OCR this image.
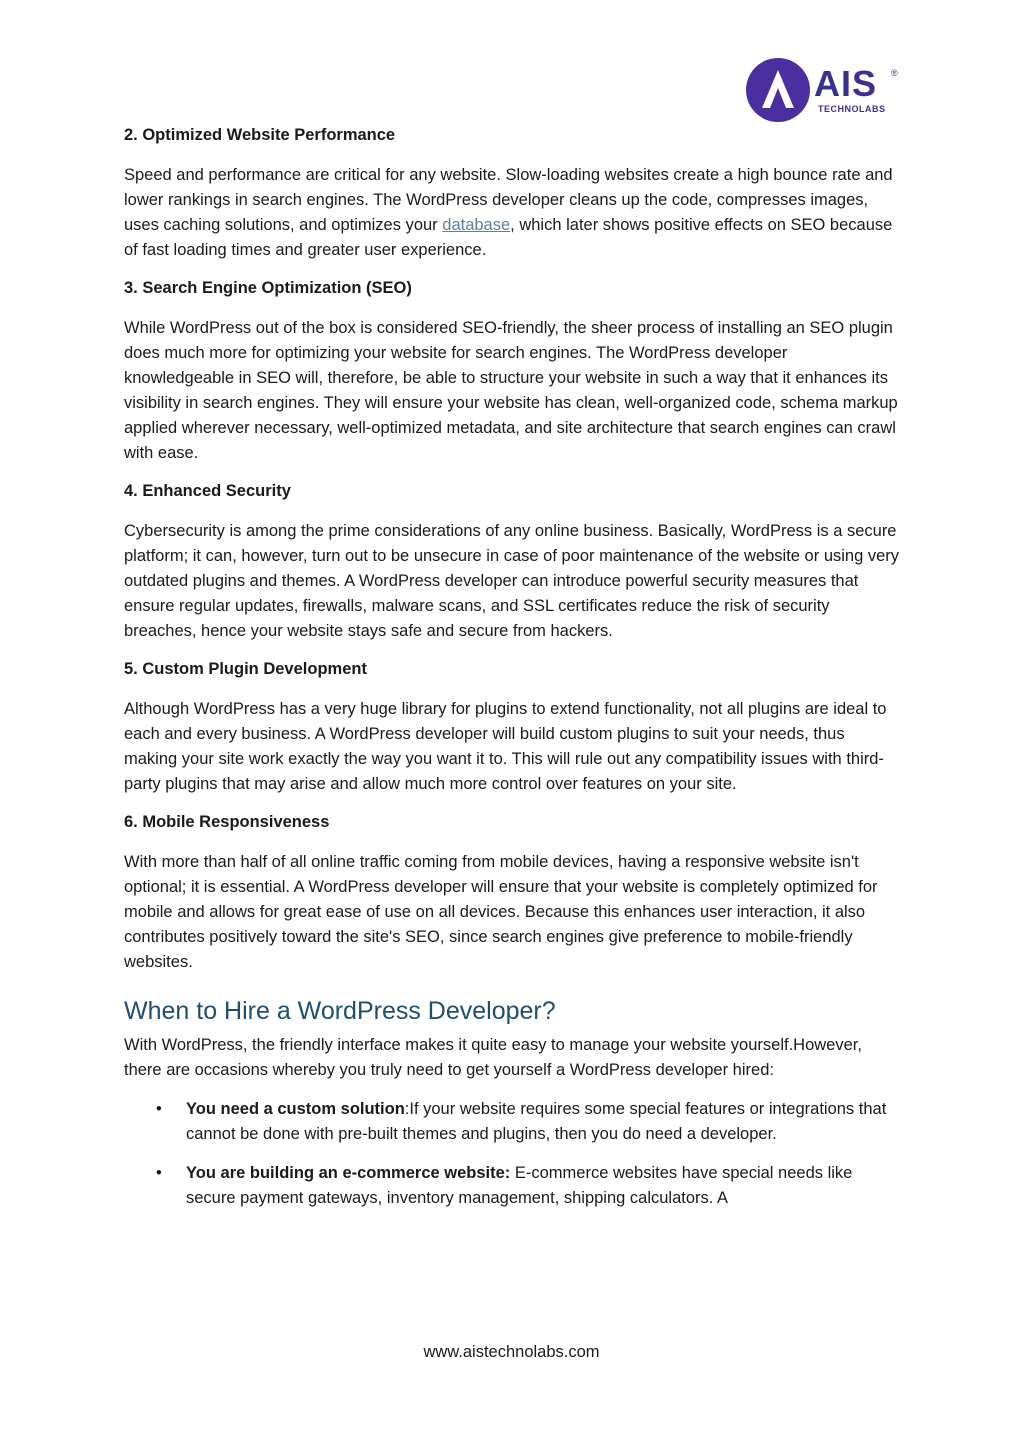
AIS ®
TECHNOLABS
2. Optimized Website Performance
Speed and performance are critical for any website. Slow-loading websites create a high bounce rate and lower rankings in search engines. The WordPress developer cleans up the code, compresses images, uses caching solutions, and optimizes your database, which later shows positive effects on SEO because of fast loading times and greater user experience.
3. Search Engine Optimization (SEO)
While WordPress out of the box is considered SEO-friendly, the sheer process of installing an SEO plugin does much more for optimizing your website for search engines. The WordPress developer knowledgeable in SEO will, therefore, be able to structure your website in such a way that it enhances its visibility in search engines. They will ensure your website has clean, well-organized code, schema markup applied wherever necessary, well-optimized metadata, and site architecture that search engines can crawl with ease.
4. Enhanced Security
Cybersecurity is among the prime considerations of any online business. Basically, WordPress is a secure platform; it can, however, turn out to be unsecure in case of poor maintenance of the website or using very outdated plugins and themes. A WordPress developer can introduce powerful security measures that ensure regular updates, firewalls, malware scans, and SSL certificates reduce the risk of security breaches, hence your website stays safe and secure from hackers.
5. Custom Plugin Development
Although WordPress has a very huge library for plugins to extend functionality, not all plugins are ideal to each and every business. A WordPress developer will build custom plugins to suit your needs, thus making your site work exactly the way you want it to. This will rule out any compatibility issues with third-party plugins that may arise and allow much more control over features on your site.
6. Mobile Responsiveness
With more than half of all online traffic coming from mobile devices, having a responsive website isn't optional; it is essential. A WordPress developer will ensure that your website is completely optimized for mobile and allows for great ease of use on all devices. Because this enhances user interaction, it also contributes positively toward the site's SEO, since search engines give preference to mobile-friendly websites.
When to Hire a WordPress Developer?
With WordPress, the friendly interface makes it quite easy to manage your website yourself.However, there are occasions whereby you truly need to get yourself a WordPress developer hired:
• You need a custom solution:If your website requires some special features or integrations that cannot be done with pre-built themes and plugins, then you do need a developer.
• You are building an e-commerce website: E-commerce websites have special needs like secure payment gateways, inventory management, shipping calculators. A
www.aistechnolabs.com
